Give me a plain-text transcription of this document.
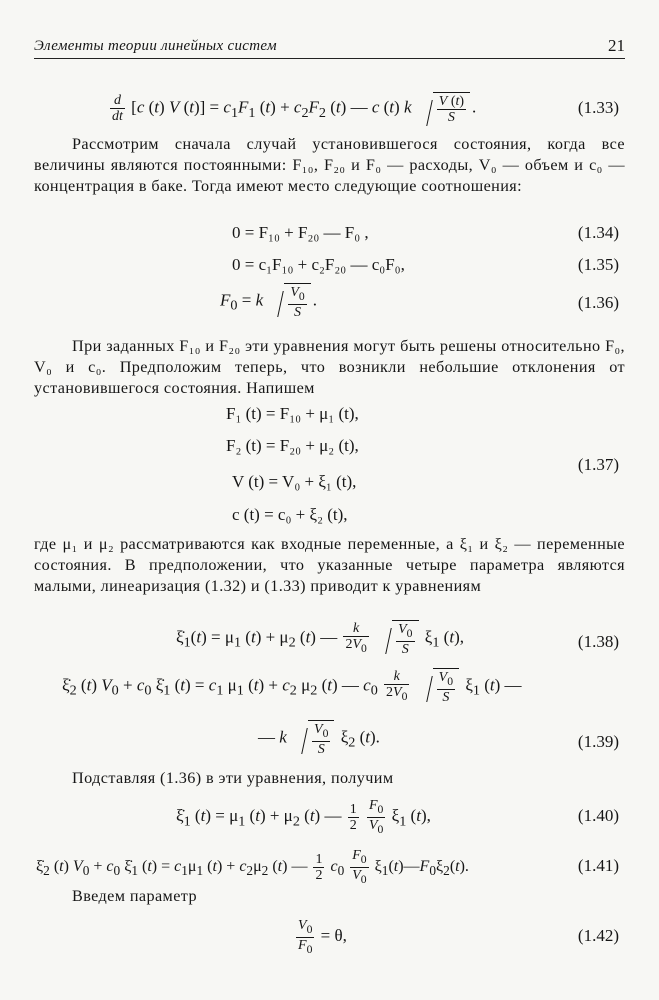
Элементы теории линейных систем	21
$\frac{d}{dt} [c$ (t) V $(t)] = c_1F_1$ $(t) + c_2F_2$ (t) — c (t) k $\frac{V (t)}{S}$ .	(1.33)
Рассмотрим сначала случай установившегося состояния, когда все величины являются постоянными: F₁₀, F₂₀ и F₀ — расходы, V₀ — объем и c₀ — концентрация в баке. Тогда имеют место следующие соотношения:
0 = F₁₀ + F₂₀ — F₀ ,	(1.34)
0 = c₁F₁₀ + c₂F₂₀ — c₀F₀,	(1.35)
$F_0 = k \frac{V_0}{S}$ .	(1.36)
При заданных F₁₀ и F₂₀ эти уравнения могут быть решены относительно F₀, V₀ и c₀. Предположим теперь, что возникли небольшие отклонения от установившегося состояния. Напишем
F₁ (t) = F₁₀ + μ₁ (t),
F₂ (t) = F₂₀ + μ₂ (t),
V (t) = V₀ + ξ₁ (t),
c (t) = c₀ + ξ₂ (t),
(1.37)
где μ₁ и μ₂ рассматриваются как входные переменные, а ξ₁ и ξ₂ — переменные состояния. В предположении, что указанные четыре параметра являются малыми, линеаризация (1.32) и (1.33) приводит к уравнениям
$\xi̇_1(t) = \mu_1$ $(t) + \mu_2$ (t) — $\frac{k}{2V_0}$
$\frac{V_0}{S} \xi_1$ (t),	(1.38)
$\xi̇_2$ (t) $V_0 + c_0$ $\xi̇_1$ $(t) = c_1$ $\mu_1$ $(t) + c_2$ $\mu_2$ (t) — $c_0 \frac{k}{2V_0}$
$\frac{V_0}{S} \xi_1$ (t) —
— k $\frac{V_0}{S} \xi_2$ (t).	(1.39)
Подставляя (1.36) в эти уравнения, получим
$\xi̇_1$ $(t) = \mu_1$ $(t) + \mu_2$ (t) — $\frac{1}{2}$
$\frac{F_0}{V_0} \xi_1$ (t),	(1.40)
$\xi̇_2$ (t) $V_0 + c_0$ $\xi̇_1$ $(t) = c_1\mu_1$ $(t) + c_2\mu_2$ (t) — $\frac{1}{2} c_0 \frac{F_0}{V_0}$ $\xi_1(t)—F_0\xi_2(t)$.	(1.41)
Введем параметр
$\frac{V_0}{F_0} = \theta$,	(1.42)
